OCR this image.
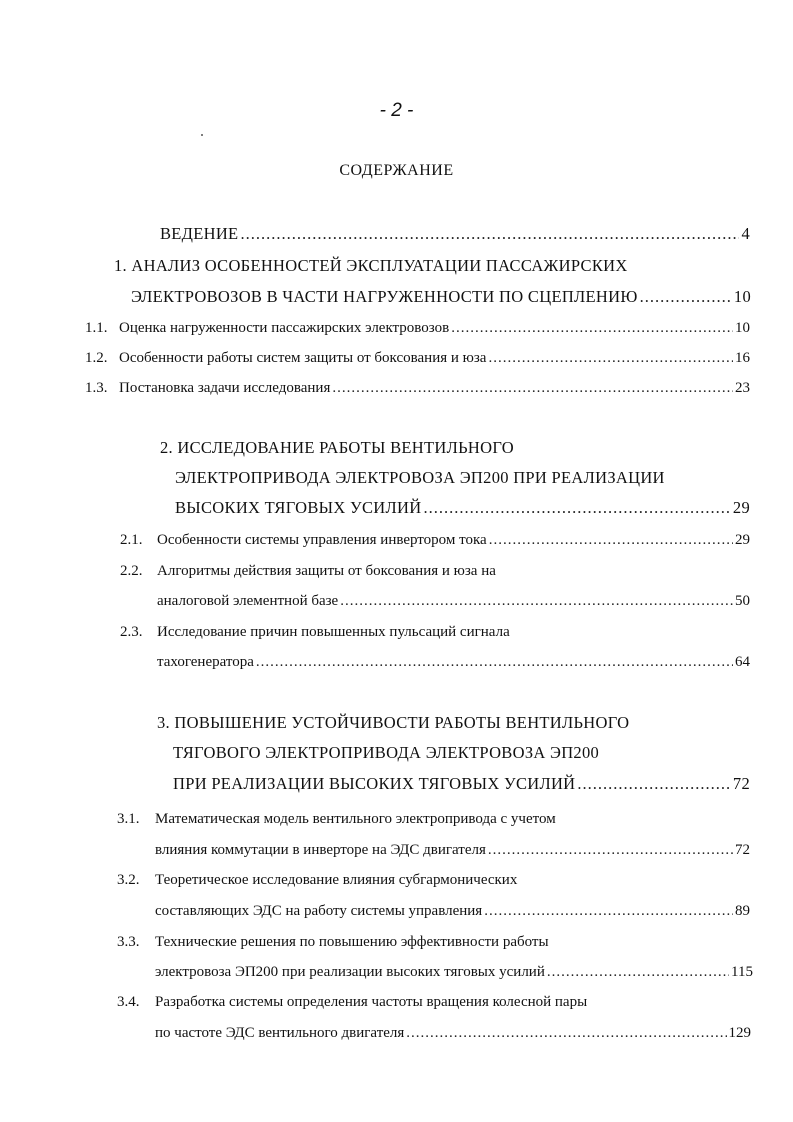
- 2 -
СОДЕРЖАНИЕ
ВЕДЕНИЕ .....	4
1. АНАЛИЗ ОСОБЕННОСТЕЙ ЭКСПЛУАТАЦИИ ПАССАЖИРСКИХ
ЭЛЕКТРОВОЗОВ В ЧАСТИ НАГРУЖЕННОСТИ ПО СЦЕПЛЕНИЮ .....	10
1.1. Оценка нагруженности пассажирских электровозов .....	10
1.2. Особенности работы систем защиты от боксования и юза .....	16
1.3. Постановка задачи исследования .....	23
2. ИССЛЕДОВАНИЕ РАБОТЫ ВЕНТИЛЬНОГО
ЭЛЕКТРОПРИВОДА ЭЛЕКТРОВОЗА ЭП200 ПРИ РЕАЛИЗАЦИИ
ВЫСОКИХ ТЯГОВЫХ УСИЛИЙ .....	29
2.1. Особенности системы управления инвертором тока .....	29
2.2. Алгоритмы действия защиты от боксования и юза на
аналоговой элементной базе .....	50
2.3. Исследование причин повышенных пульсаций сигнала
тахогенератора .....	64
3. ПОВЫШЕНИЕ УСТОЙЧИВОСТИ РАБОТЫ ВЕНТИЛЬНОГО
ТЯГОВОГО ЭЛЕКТРОПРИВОДА ЭЛЕКТРОВОЗА ЭП200
ПРИ РЕАЛИЗАЦИИ ВЫСОКИХ ТЯГОВЫХ УСИЛИЙ .....	72
3.1. Математическая модель вентильного электропривода с учетом
влияния коммутации в инверторе на ЭДС двигателя .....	72
3.2. Теоретическое исследование влияния субгармонических
составляющих ЭДС на работу системы управления .....	89
3.3. Технические решения по повышению эффективности работы
электровоза ЭП200 при реализации высоких тяговых усилий .....	115
3.4. Разработка системы определения частоты вращения колесной пары
по частоте ЭДС вентильного двигателя .....	129
